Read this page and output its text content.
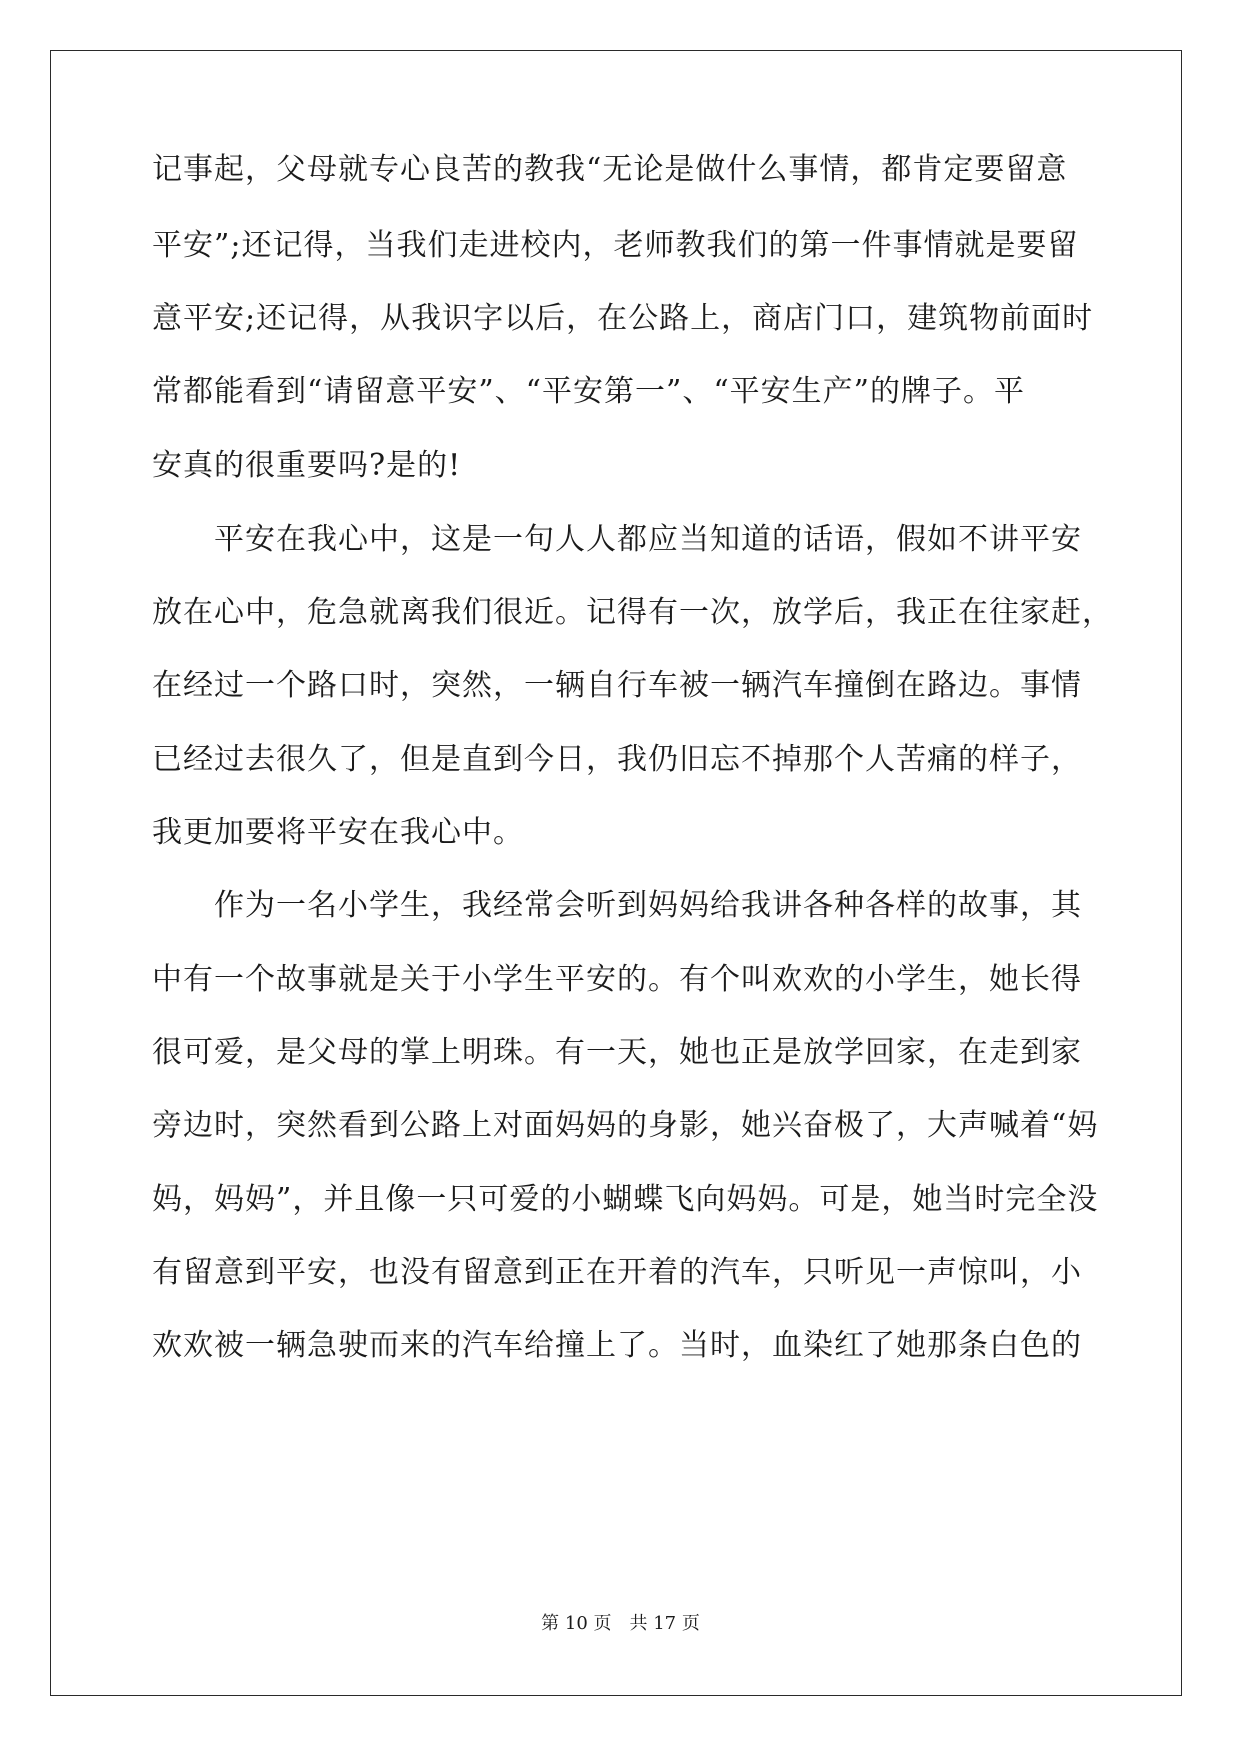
记事起，父母就专心良苦的教我“无论是做什么事情，都肯定要留意
平安”;还记得，当我们走进校内，老师教我们的第一件事情就是要留
意平安;还记得，从我识字以后，在公路上，商店门口，建筑物前面时
常都能看到“请留意平安”、“平安第一”、“平安生产”的牌子。平
安真的很重要吗?是的!
　　平安在我心中，这是一句人人都应当知道的话语，假如不讲平安
放在心中，危急就离我们很近。记得有一次，放学后，我正在往家赶，
在经过一个路口时，突然，一辆自行车被一辆汽车撞倒在路边。事情
已经过去很久了，但是直到今日，我仍旧忘不掉那个人苦痛的样子，
我更加要将平安在我心中。
　　作为一名小学生，我经常会听到妈妈给我讲各种各样的故事，其
中有一个故事就是关于小学生平安的。有个叫欢欢的小学生，她长得
很可爱，是父母的掌上明珠。有一天，她也正是放学回家，在走到家
旁边时，突然看到公路上对面妈妈的身影，她兴奋极了，大声喊着“妈
妈，妈妈”，并且像一只可爱的小蝴蝶飞向妈妈。可是，她当时完全没
有留意到平安，也没有留意到正在开着的汽车，只听见一声惊叫，小
欢欢被一辆急驶而来的汽车给撞上了。当时，血染红了她那条白色的
第 10 页　共 17 页
